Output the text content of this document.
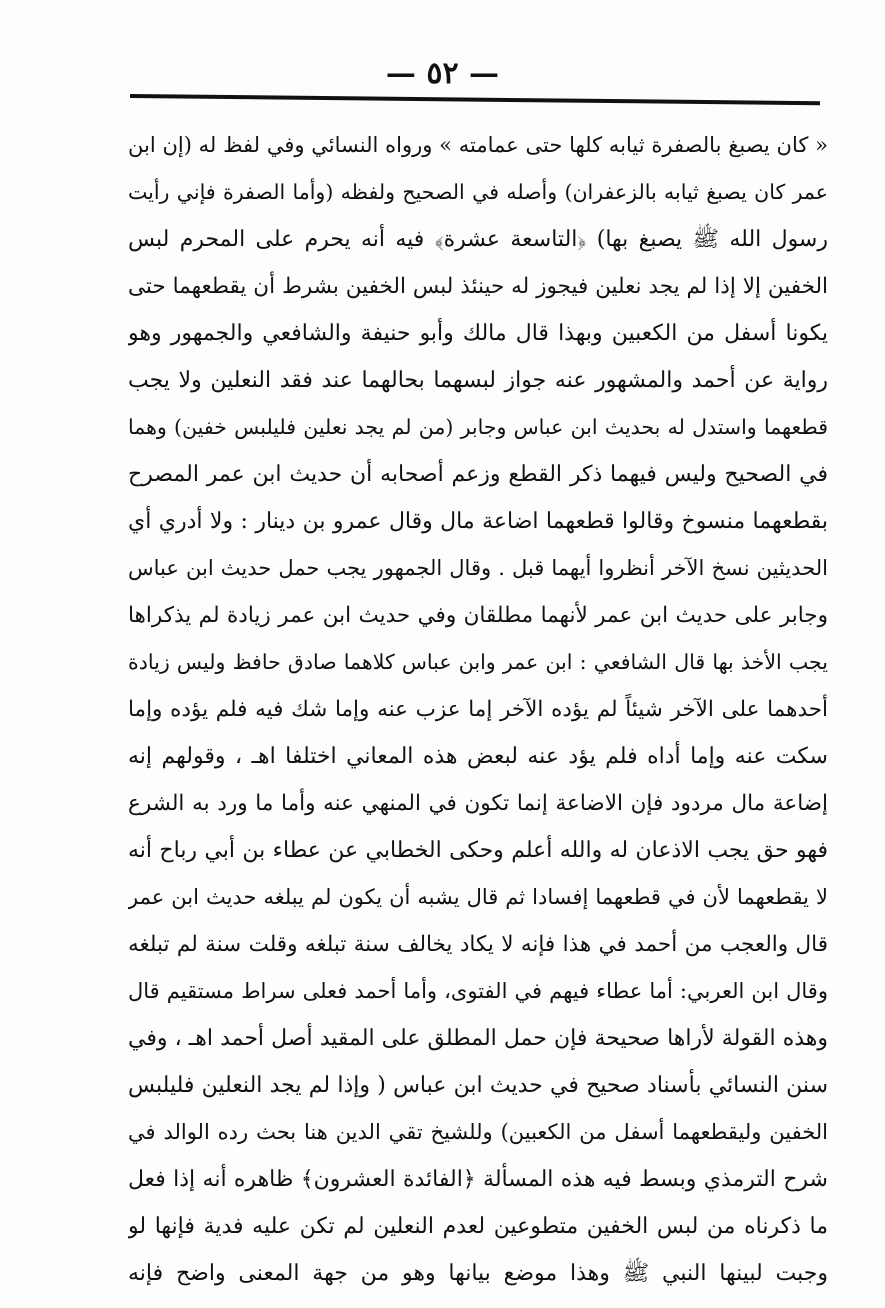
— ٥٢ —
« كان يصبغ بالصفرة ثيابه كلها حتى عمامته » ورواه النسائي وفي لفظ له (إن ابن
عمر كان يصبغ ثيابه بالزعفران) وأصله في الصحيح ولفظه (وأما الصفرة فإني رأيت
رسول الله ﷺ يصبغ بها) ﴿التاسعة عشرة﴾ فيه أنه يحرم على المحرم لبس
الخفين إلا إذا لم يجد نعلين فيجوز له حينئذ لبس الخفين بشرط أن يقطعهما حتى
يكونا أسفل من الكعبين وبهذا قال مالك وأبو حنيفة والشافعي والجمهور وهو
رواية عن أحمد والمشهور عنه جواز لبسهما بحالهما عند فقد النعلين ولا يجب
قطعهما واستدل له بحديث ابن عباس وجابر (من لم يجد نعلين فليلبس خفين) وهما
في الصحيح وليس فيهما ذكر القطع وزعم أصحابه أن حديث ابن عمر المصرح
بقطعهما منسوخ وقالوا قطعهما اضاعة مال وقال عمرو بن دينار : ولا أدري أي
الحديثين نسخ الآخر أنظروا أيهما قبل . وقال الجمهور يجب حمل حديث ابن عباس
وجابر على حديث ابن عمر لأنهما مطلقان وفي حديث ابن عمر زيادة لم يذكراها
يجب الأخذ بها قال الشافعي : ابن عمر وابن عباس كلاهما صادق حافظ وليس زيادة
أحدهما على الآخر شيئاً لم يؤده الآخر إما عزب عنه وإما شك فيه فلم يؤده وإما
سكت عنه وإما أداه فلم يؤد عنه لبعض هذه المعاني اختلفا اهـ ، وقولهم إنه
إضاعة مال مردود فإن الاضاعة إنما تكون في المنهي عنه وأما ما ورد به الشرع
فهو حق يجب الاذعان له والله أعلم وحكى الخطابي عن عطاء بن أبي رباح أنه
لا يقطعهما لأن في قطعهما إفسادا ثم قال يشبه أن يكون لم يبلغه حديث ابن عمر
قال والعجب من أحمد في هذا فإنه لا يكاد يخالف سنة تبلغه وقلت سنة لم تبلغه
وقال ابن العربي: أما عطاء فيهم في الفتوى، وأما أحمد فعلى سراط مستقيم قال
وهذه القولة لأراها صحيحة فإن حمل المطلق على المقيد أصل أحمد اهـ ، وفي
سنن النسائي بأسناد صحيح في حديث ابن عباس ( وإذا لم يجد النعلين فليلبس
الخفين وليقطعهما أسفل من الكعبين) وللشيخ تقي الدين هنا بحث رده الوالد في
شرح الترمذي وبسط فيه هذه المسألة ﴿الفائدة العشرون﴾ ظاهره أنه إذا فعل
ما ذكرناه من لبس الخفين متطوعين لعدم النعلين لم تكن عليه فدية فإنها لو
وجبت لبينها النبي ﷺ وهذا موضع بيانها وهو من جهة المعنى واضح فإنه
